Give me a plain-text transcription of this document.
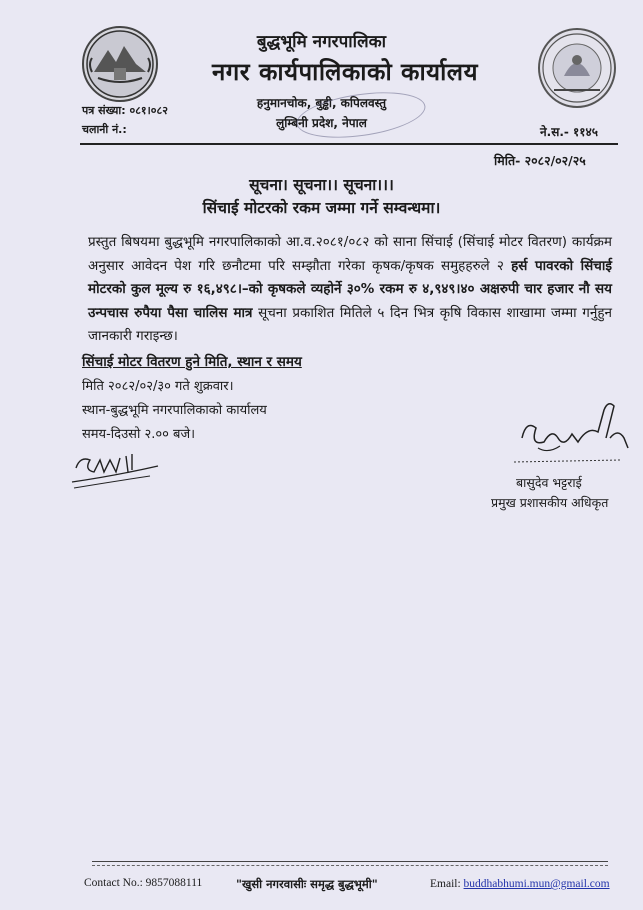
बुद्धभूमि नगरपालिका
नगर कार्यपालिकाको कार्यालय
हनुमानचोक, बुड्ढी, कपिलवस्तु
लुम्बिनी प्रदेश, नेपाल
पत्र संख्या: ०८१।०८२
चलानी नं.:	ने.स.- ११४५
मिति- २०८२/०२/२५
सूचना। सूचना।। सूचना।।।
सिंचाई मोटरको रकम जम्मा गर्ने सम्वन्धमा।
प्रस्तुत बिषयमा बुद्धभूमि नगरपालिकाको आ.व.२०८१/०८२ को साना सिंचाई (सिंचाई मोटर वितरण) कार्यक्रम अनुसार आवेदन पेश गरि छनौटमा परि सम्झौता गरेका कृषक/कृषक समुहहरुले २ हर्स पावरको सिंचाई मोटरको कुल मूल्य रु १६,४९८।–को कृषकले व्यहोर्ने ३०% रकम रु ४,९४९।४० अक्षरुपी चार हजार नौ सय उन्पचास रुपैया पैसा चालिस मात्र सूचना प्रकाशित मितिले ५ दिन भित्र कृषि विकास शाखामा जम्मा गर्नुहुन जानकारी गराइन्छ।
सिंचाई मोटर वितरण हुने मिति, स्थान र समय
मिति २०८२/०२/३० गते शुक्रवार।
स्थान-बुद्धभूमि नगरपालिकाको कार्यालय
समय-दिउसो २.०० बजे।
बासुदेव भट्टराई
प्रमुख प्रशासकीय अधिकृत
Contact No.: 9857088111	"खुसी नगरवासीः समृद्ध बुद्धभूमी"	Email: buddhabhumi.mun@gmail.com
